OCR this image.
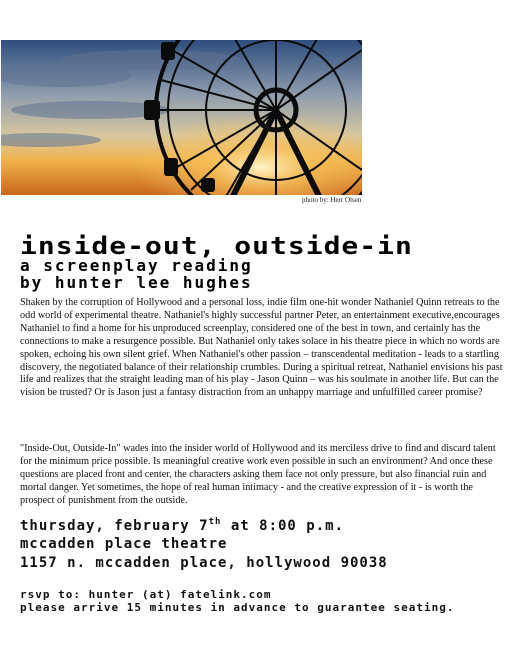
photo by: Herr Olsen
inside-out, outside-in
a screenplay reading
by hunter lee hughes
Shaken by the corruption of Hollywood and a personal loss, indie film one-hit wonder Nathaniel Quinn retreats to the odd world of experimental theatre. Nathaniel's highly successful partner Peter, an entertainment executive,encourages Nathaniel to find a home for his unproduced screenplay, considered one of the best in town, and certainly has the connections to make a resurgence possible. But Nathaniel only takes solace in his theatre piece in which no words are spoken, echoing his own silent grief. When Nathaniel's other passion – transcendental meditation - leads to a startling discovery, the negotiated balance of their relationship crumbles. During a spiritual retreat, Nathaniel envisions his past life and realizes that the straight leading man of his play - Jason Quinn – was his soulmate in another life. But can the vision be trusted? Or is Jason just a fantasy distraction from an unhappy marriage and unfulfilled career promise?
"Inside-Out, Outside-In" wades into the insider world of Hollywood and its merciless drive to find and discard talent for the minimum price possible. Is meaningful creative work even possible in such an environment? And once these questions are placed front and center, the characters asking them face not only pressure, but also financial ruin and mortal danger. Yet sometimes, the hope of real human intimacy - and the creative expression of it - is worth the prospect of punishment from the outside.
thursday, february 7th at 8:00 p.m.
mccadden place theatre
1157 n. mccadden place, hollywood 90038
rsvp to: hunter (at) fatelink.com
please arrive 15 minutes in advance to guarantee seating.
